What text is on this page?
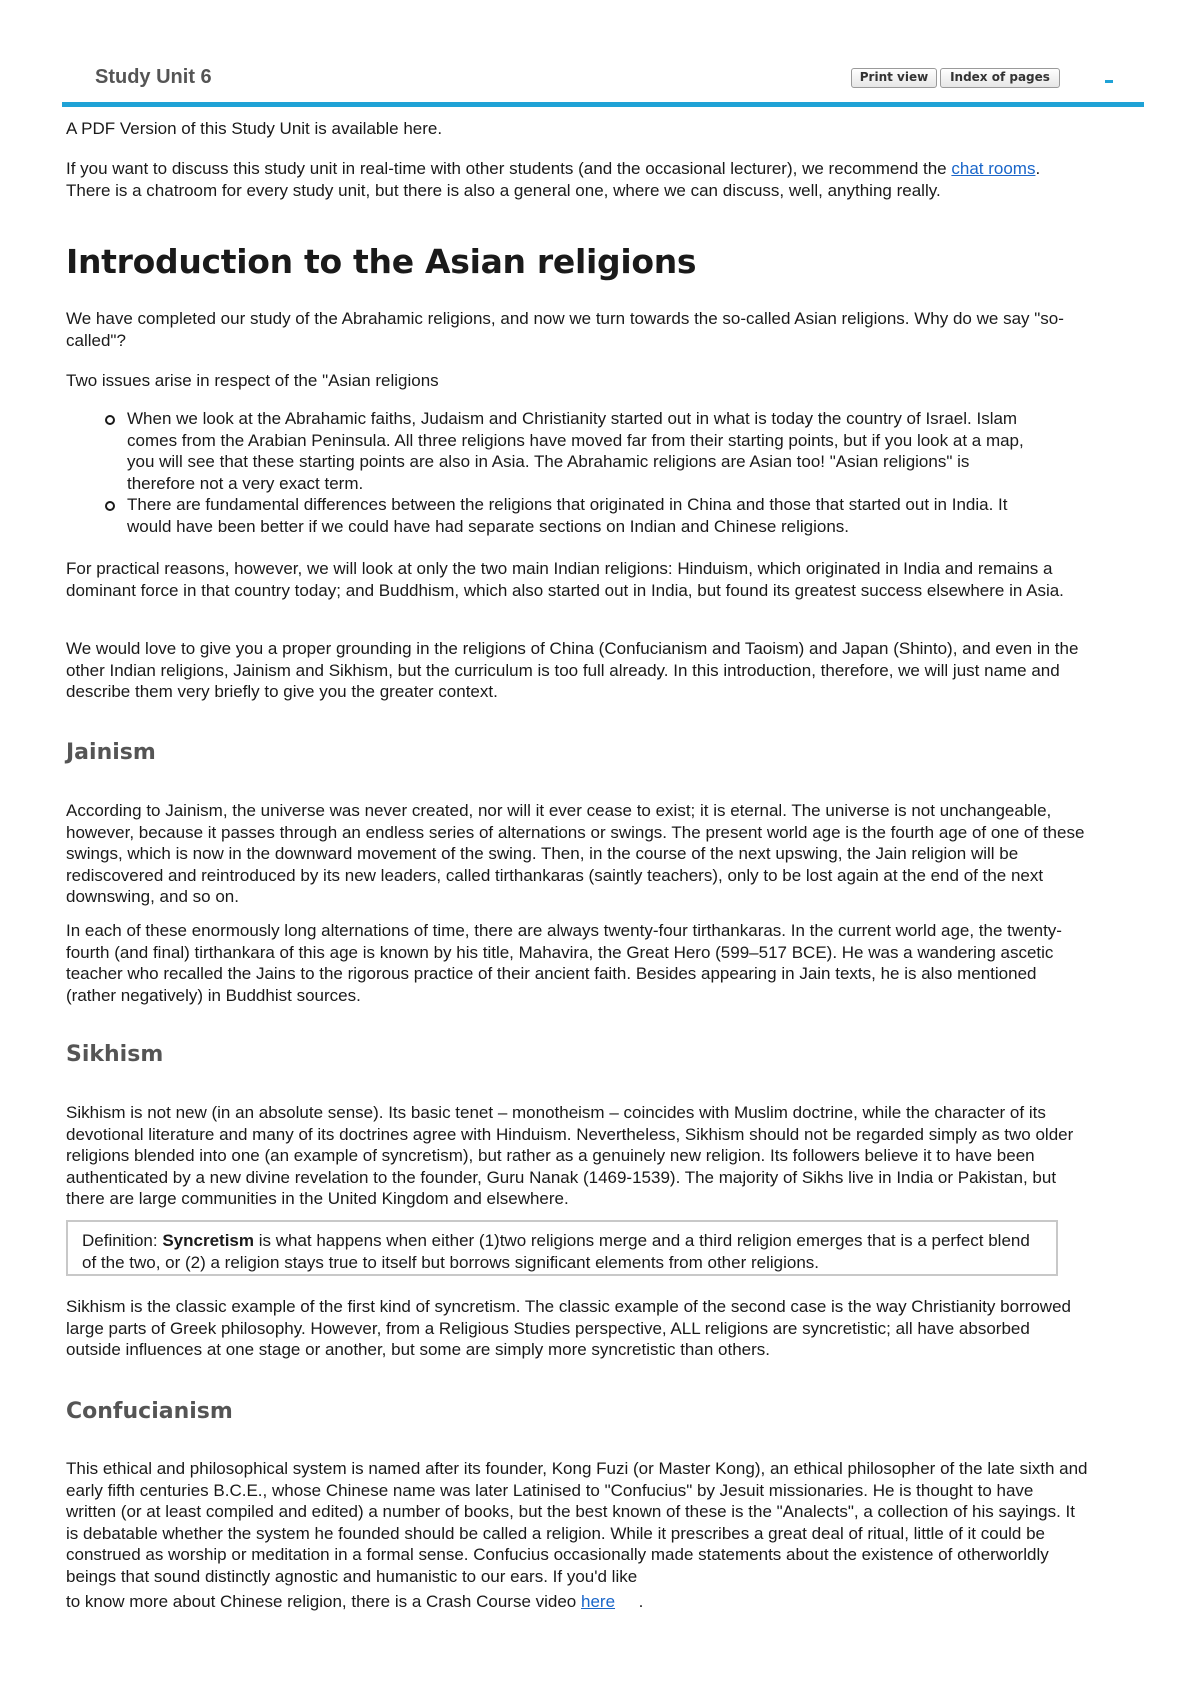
Study Unit 6	Print view	Index of pages

A PDF Version of this Study Unit is available here.

If you want to discuss this study unit in real-time with other students (and the occasional lecturer), we recommend the chat rooms. There is a chatroom for every study unit, but there is also a general one, where we can discuss, well, anything really.

Introduction to the Asian religions

We have completed our study of the Abrahamic religions, and now we turn towards the so-called Asian religions. Why do we say "so-called"?

Two issues arise in respect of the "Asian religions

When we look at the Abrahamic faiths, Judaism and Christianity started out in what is today the country of Israel. Islam comes from the Arabian Peninsula. All three religions have moved far from their starting points, but if you look at a map, you will see that these starting points are also in Asia. The Abrahamic religions are Asian too! "Asian religions" is therefore not a very exact term.
There are fundamental differences between the religions that originated in China and those that started out in India. It would have been better if we could have had separate sections on Indian and Chinese religions.

For practical reasons, however, we will look at only the two main Indian religions: Hinduism, which originated in India and remains a dominant force in that country today; and Buddhism, which also started out in India, but found its greatest success elsewhere in Asia.

We would love to give you a proper grounding in the religions of China (Confucianism and Taoism) and Japan (Shinto), and even in the other Indian religions, Jainism and Sikhism, but the curriculum is too full already. In this introduction, therefore, we will just name and describe them very briefly to give you the greater context.

Jainism

According to Jainism, the universe was never created, nor will it ever cease to exist; it is eternal. The universe is not unchangeable, however, because it passes through an endless series of alternations or swings. The present world age is the fourth age of one of these swings, which is now in the downward movement of the swing. Then, in the course of the next upswing, the Jain religion will be rediscovered and reintroduced by its new leaders, called tirthankaras (saintly teachers), only to be lost again at the end of the next downswing, and so on.

In each of these enormously long alternations of time, there are always twenty-four tirthankaras. In the current world age, the twenty-fourth (and final) tirthankara of this age is known by his title, Mahavira, the Great Hero (599–517 BCE). He was a wandering ascetic teacher who recalled the Jains to the rigorous practice of their ancient faith. Besides appearing in Jain texts, he is also mentioned (rather negatively) in Buddhist sources.

Sikhism

Sikhism is not new (in an absolute sense). Its basic tenet – monotheism – coincides with Muslim doctrine, while the character of its devotional literature and many of its doctrines agree with Hinduism. Nevertheless, Sikhism should not be regarded simply as two older religions blended into one (an example of syncretism), but rather as a genuinely new religion. Its followers believe it to have been authenticated by a new divine revelation to the founder, Guru Nanak (1469-1539). The majority of Sikhs live in India or Pakistan, but there are large communities in the United Kingdom and elsewhere.

Definition: Syncretism is what happens when either (1)two religions merge and a third religion emerges that is a perfect blend of the two, or (2) a religion stays true to itself but borrows significant elements from other religions.

Sikhism is the classic example of the first kind of syncretism. The classic example of the second case is the way Christianity borrowed large parts of Greek philosophy. However, from a Religious Studies perspective, ALL religions are syncretistic; all have absorbed outside influences at one stage or another, but some are simply more syncretistic than others.

Confucianism

This ethical and philosophical system is named after its founder, Kong Fuzi (or Master Kong), an ethical philosopher of the late sixth and early fifth centuries B.C.E., whose Chinese name was later Latinised to "Confucius" by Jesuit missionaries. He is thought to have written (or at least compiled and edited) a number of books, but the best known of these is the "Analects", a collection of his sayings. It is debatable whether the system he founded should be called a religion. While it prescribes a great deal of ritual, little of it could be construed as worship or meditation in a formal sense. Confucius occasionally made statements about the existence of otherworldly beings that sound distinctly agnostic and humanistic to our ears. If you'd like
to know more about Chinese religion, there is a Crash Course video here     .
